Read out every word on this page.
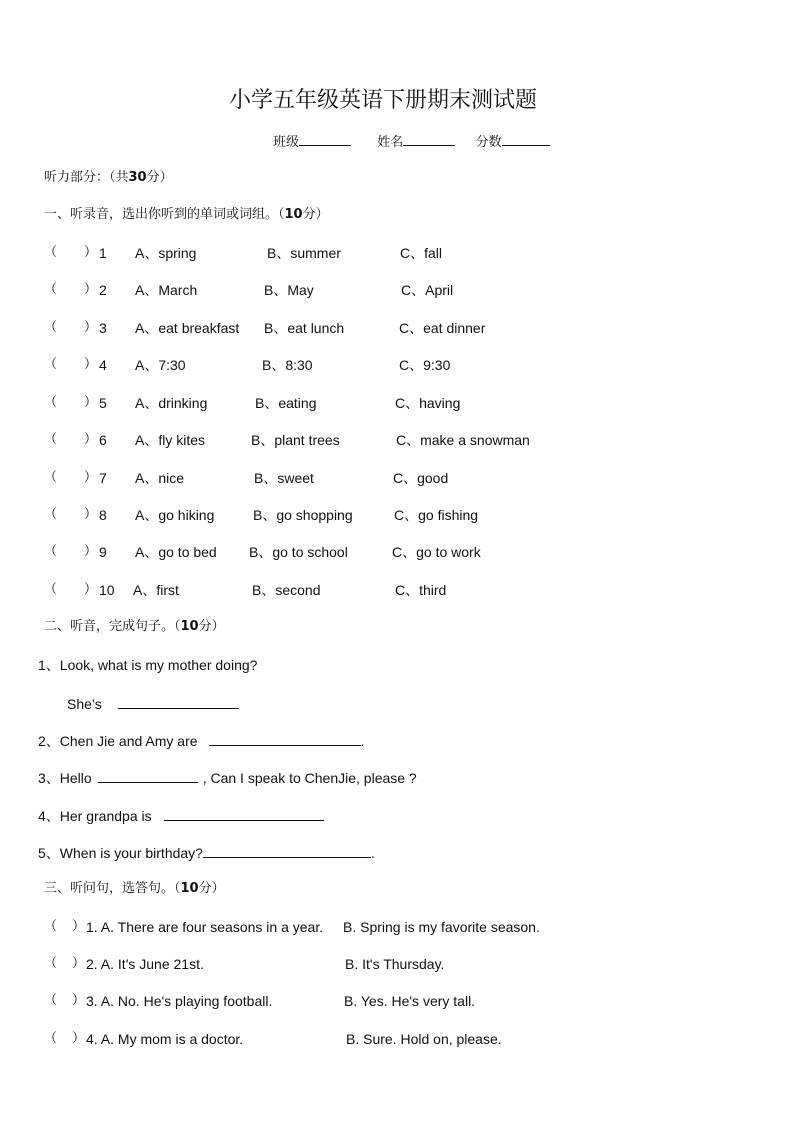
小学五年级英语下册期末测试题
班级	姓名	分数
听力部分：（共30分）
一、听录音，选出你听到的单词或词组。（10分）
（ ） 1 A、spring	B、summer	C、fall
（ ） 2 A、March	B、May	C、April
（ ） 3 A、eat breakfast B、eat lunch	C、eat dinner
（ ） 4 A、7:30	B、8:30	C、9:30
（ ） 5 A、drinking	B、eating	C、having
（ ） 6 A、fly kites	B、plant trees	C、make a snowman
（ ） 7 A、nice	B、sweet	C、good
（ ） 8 A、go hiking	B、go shopping	C、go fishing
（ ） 9 A、go to bed B、go to school	C、go to work
（ ） 10 A、first	B、second	C、third
二、听音，完成句子。（10分）
1、Look, what is my mother doing?
She’s
2、Chen Jie and Amy are	.
3、Hello	, Can I speak to ChenJie, please ?
4、Her grandpa is
5、When is your birthday?	.
三、听问句，选答句。（10分）
（ ） 1. A. There are four seasons in a year. B. Spring is my favorite season.
（ ） 2. A. It's June 21st.	B. It's Thursday.
（ ） 3. A. No. He's playing football.	B. Yes. He's very tall.
（ ） 4. A. My mom is a doctor.	B. Sure. Hold on, please.
